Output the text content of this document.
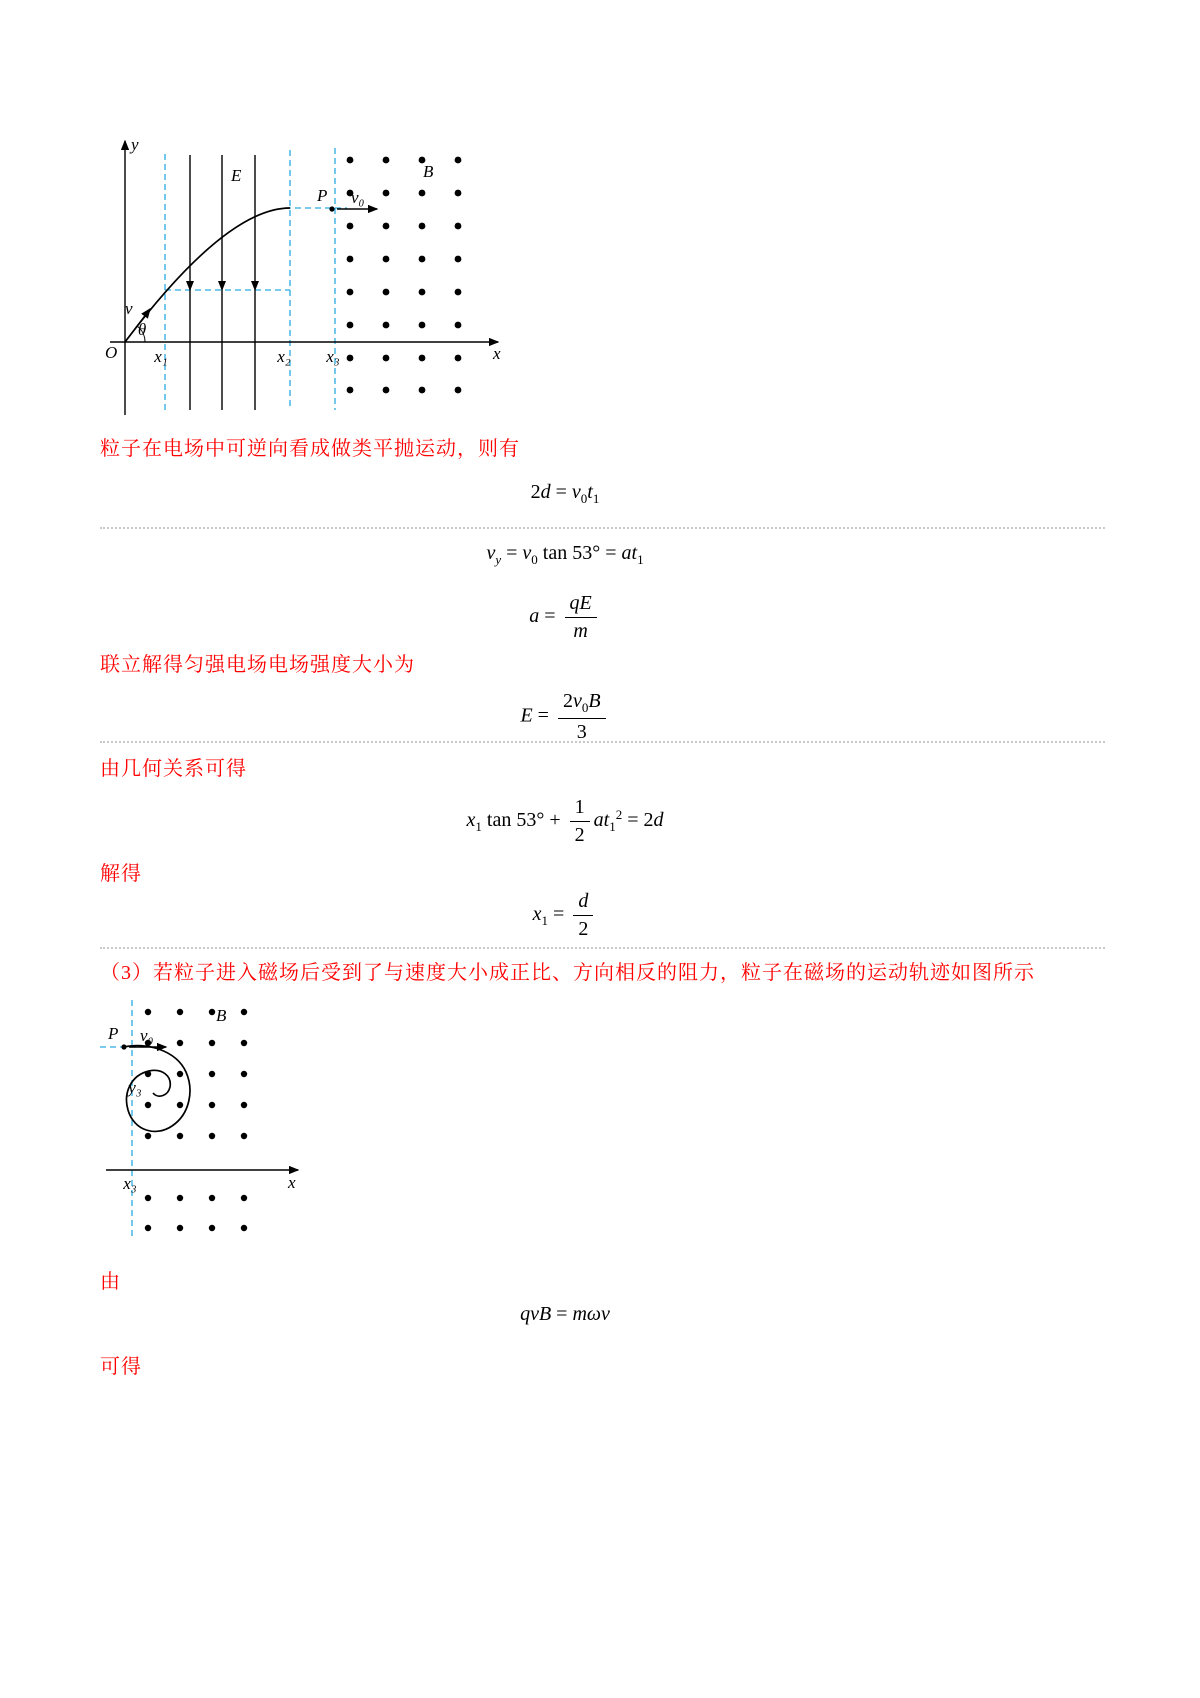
y
x
O
E	B
P v₀
v
θ
x₁	x₂ x₃
粒子在电场中可逆向看成做类平抛运动，则有
$2d = v_0t_1$
$v_y = v_0$ $\tan 53^\circ = at_1$
$a = \frac{qE}{m}$
联立解得匀强电场电场强度大小为
$E = \frac{2v_0B}{3}$
由几何关系可得
$x_1$ $\tan 53^\circ + \frac{1}{2} at_1^2 = 2d$
解得
$x_1 = \frac{d}{2}$
（3）若粒子进入磁场后受到了与速度大小成正比、方向相反的阻力，粒子在磁场的运动轨迹如图所示
B
P v₀
y₃
x
x₃
由
qvB = mωv
可得
